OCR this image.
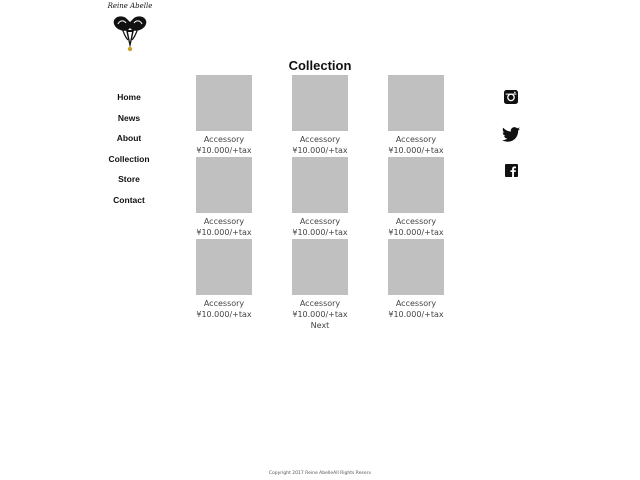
Reine Abelle
Collection
Home
News
About
Collection
Store
Contact
Accessory
¥10.000/+tax
Accessory
¥10.000/+tax
Accessory
¥10.000/+tax
Accessory
¥10.000/+tax
Accessory
¥10.000/+tax
Accessory
¥10.000/+tax
Accessory
¥10.000/+tax
Accessory
¥10.000/+tax
Accessory
¥10.000/+tax
Next
Copyright 2017 Reine AbelleAll Rights Reserv
